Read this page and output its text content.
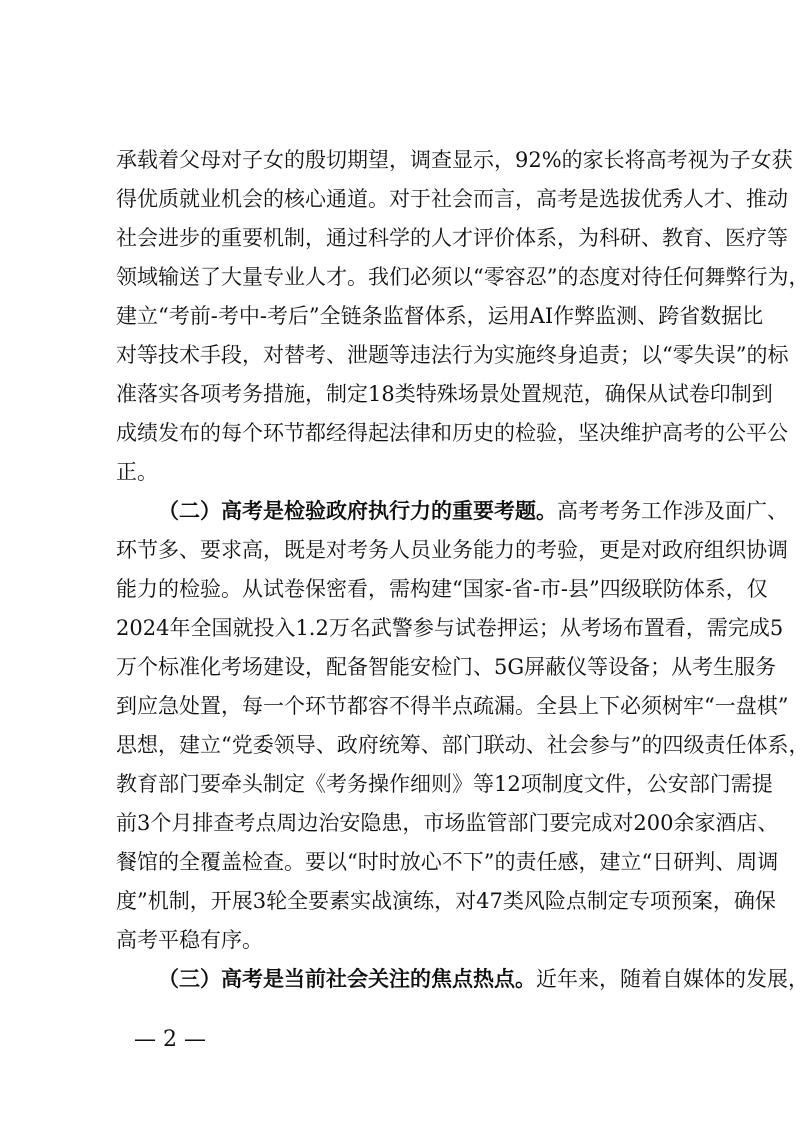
承载着父母对子女的殷切期望，调查显示，92%的家长将高考视为子女获
得优质就业机会的核心通道。对于社会而言，高考是选拔优秀人才、推动
社会进步的重要机制，通过科学的人才评价体系，为科研、教育、医疗等
领域输送了大量专业人才。我们必须以“零容忍”的态度对待任何舞弊行为，
建立“考前-考中-考后”全链条监督体系，运用AI作弊监测、跨省数据比
对等技术手段，对替考、泄题等违法行为实施终身追责；以“零失误”的标
准落实各项考务措施，制定18类特殊场景处置规范，确保从试卷印制到
成绩发布的每个环节都经得起法律和历史的检验，坚决维护高考的公平公
正。
（二）高考是检验政府执行力的重要考题。高考考务工作涉及面广、
环节多、要求高，既是对考务人员业务能力的考验，更是对政府组织协调
能力的检验。从试卷保密看，需构建“国家-省-市-县”四级联防体系，仅
2024年全国就投入1.2万名武警参与试卷押运；从考场布置看，需完成5
万个标准化考场建设，配备智能安检门、5G屏蔽仪等设备；从考生服务
到应急处置，每一个环节都容不得半点疏漏。全县上下必须树牢“一盘棋”
思想，建立“党委领导、政府统筹、部门联动、社会参与”的四级责任体系，
教育部门要牵头制定《考务操作细则》等12项制度文件，公安部门需提
前3个月排查考点周边治安隐患，市场监管部门要完成对200余家酒店、
餐馆的全覆盖检查。要以“时时放心不下”的责任感，建立“日研判、周调
度”机制，开展3轮全要素实战演练，对47类风险点制定专项预案，确保
高考平稳有序。
（三）高考是当前社会关注的焦点热点。近年来，随着自媒体的发展，
— 2 —
